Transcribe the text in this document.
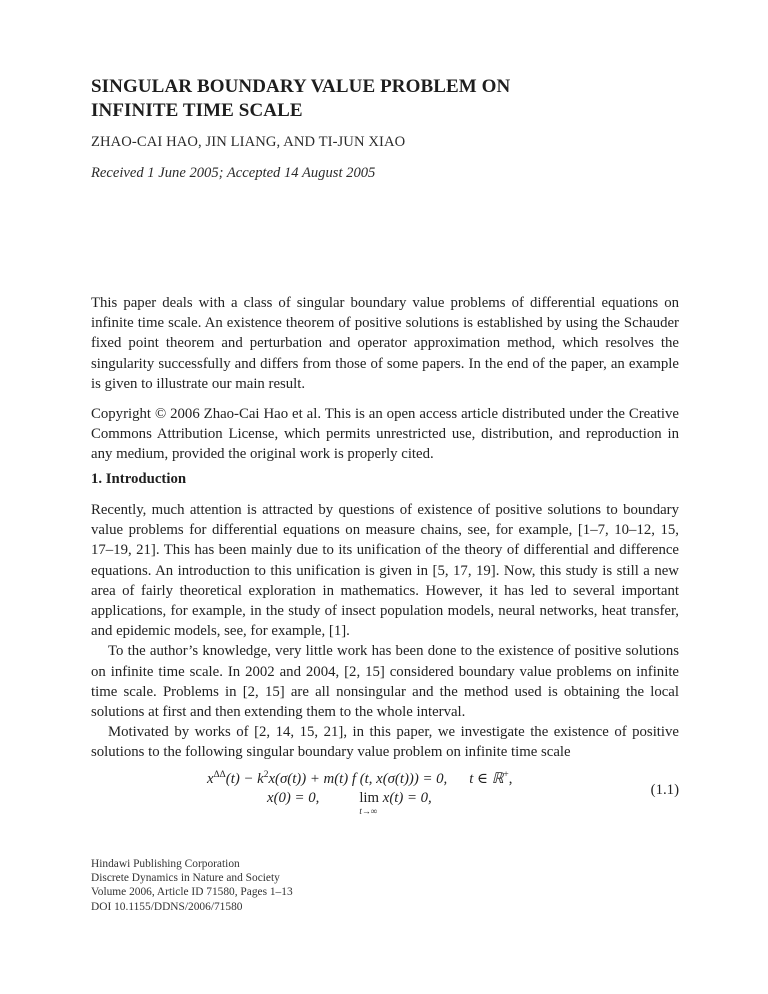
SINGULAR BOUNDARY VALUE PROBLEM ON
INFINITE TIME SCALE
ZHAO-CAI HAO, JIN LIANG, AND TI-JUN XIAO
Received 1 June 2005; Accepted 14 August 2005
This paper deals with a class of singular boundary value problems of differential equations on infinite time scale. An existence theorem of positive solutions is established by using the Schauder fixed point theorem and perturbation and operator approximation method, which resolves the singularity successfully and differs from those of some papers. In the end of the paper, an example is given to illustrate our main result.
Copyright © 2006 Zhao-Cai Hao et al. This is an open access article distributed under the Creative Commons Attribution License, which permits unrestricted use, distribution, and reproduction in any medium, provided the original work is properly cited.
1. Introduction

Recently, much attention is attracted by questions of existence of positive solutions to boundary value problems for differential equations on measure chains, see, for example, [1–7, 10–12, 15, 17–19, 21]. This has been mainly due to its unification of the theory of differential and difference equations. An introduction to this unification is given in [5, 17, 19]. Now, this study is still a new area of fairly theoretical exploration in mathematics. However, it has led to several important applications, for example, in the study of insect population models, neural networks, heat transfer, and epidemic models, see, for example, [1].

To the author’s knowledge, very little work has been done to the existence of positive solutions on infinite time scale. In 2002 and 2004, [2, 15] considered boundary value problems on infinite time scale. Problems in [2, 15] are all nonsingular and the method used is obtaining the local solutions at first and then extending them to the whole interval.

Motivated by works of [2, 14, 15, 21], in this paper, we investigate the existence of positive solutions to the following singular boundary value problem on infinite time scale

$x^{\Delta\Delta}(t) - k^2x(\sigma(t)) + m(t)$ f (t, x(σ(t))) = 0, t ∈ ℝ+,
x(0) = 0,	lim
t→∞
x(t) = 0,	(1.1)
Hindawi Publishing Corporation
Discrete Dynamics in Nature and Society
Volume 2006, Article ID 71580, Pages 1–13
DOI 10.1155/DDNS/2006/71580
